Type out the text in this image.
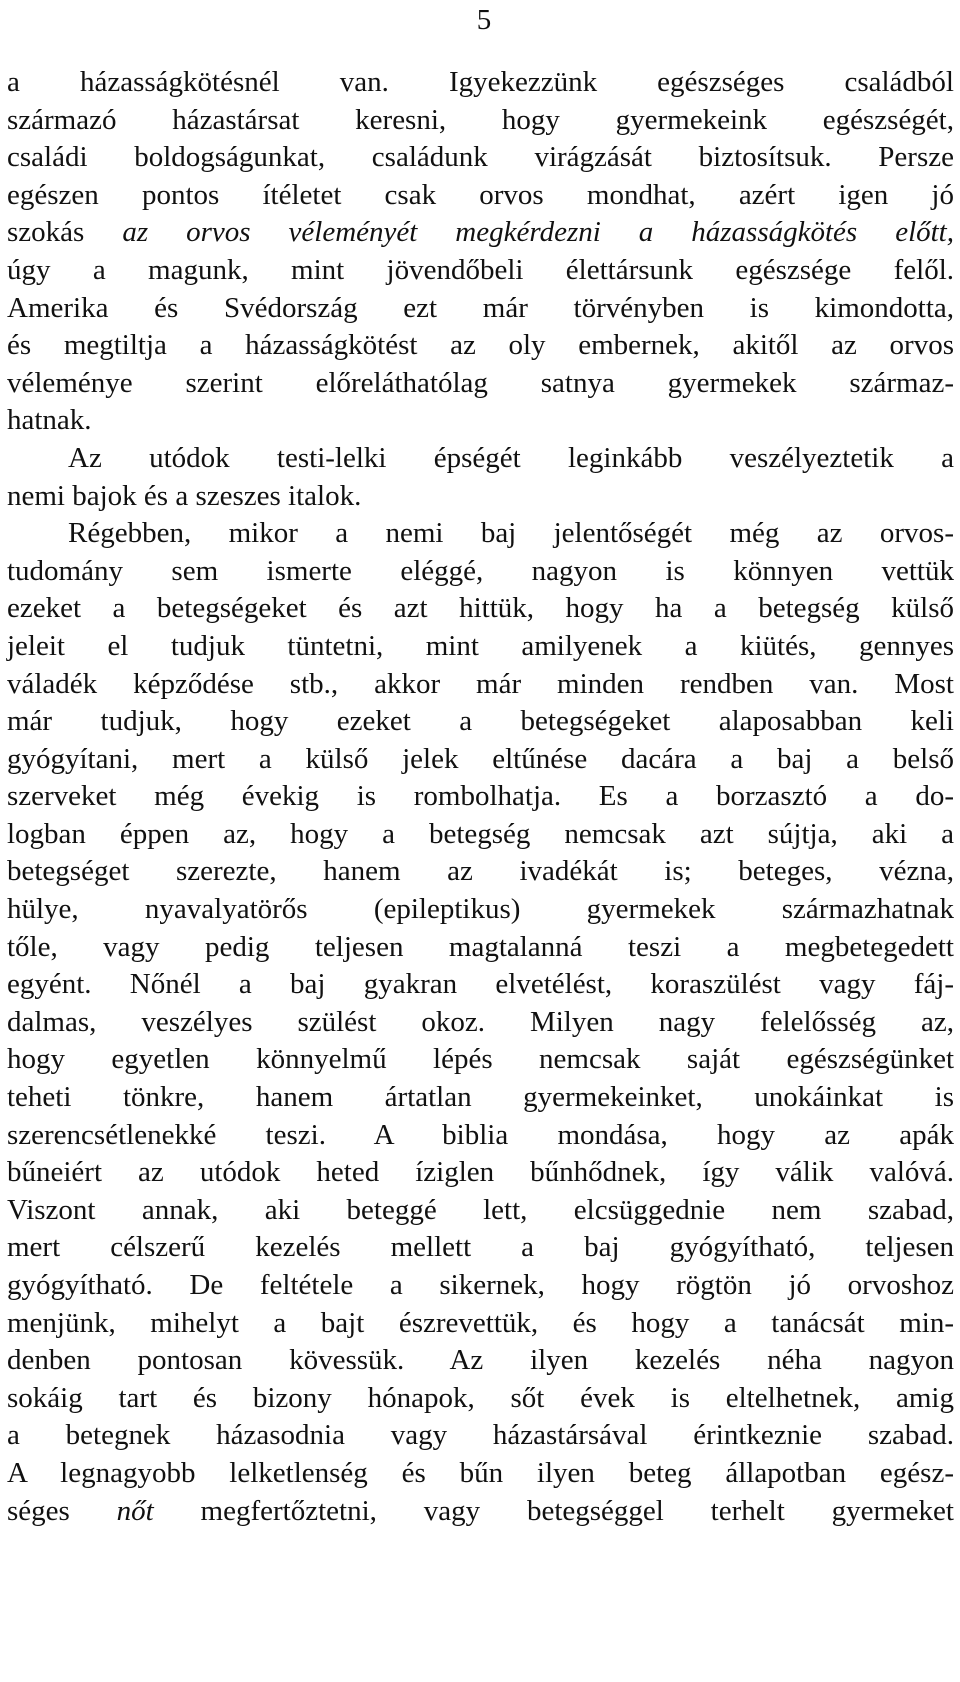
5
a házasságkötésnél van. Igyekezzünk egészséges családból
származó házastársat keresni, hogy gyermekeink egészségét,
családi boldogságunkat, családunk virágzását biztosítsuk. Persze
egészen pontos ítéletet csak orvos mondhat, azért igen jó
szokás az orvos véleményét megkérdezni a házasságkötés előtt,
úgy a magunk, mint jövendőbeli élettársunk egészsége felől.
Amerika és Svédország ezt már törvényben is kimondotta,
és megtiltja a házasságkötést az oly embernek, akitől az orvos
véleménye szerint előreláthatólag satnya gyermekek származ-
hatnak.
Az utódok testi-lelki épségét leginkább veszélyeztetik a
nemi bajok és a szeszes italok.
Régebben, mikor a nemi baj jelentőségét még az orvos-
tudomány sem ismerte eléggé, nagyon is könnyen vettük
ezeket a betegségeket és azt hittük, hogy ha a betegség külső
jeleit el tudjuk tüntetni, mint amilyenek a kiütés, gennyes
váladék képződése stb., akkor már minden rendben van. Most
már tudjuk, hogy ezeket a betegségeket alaposabban keli
gyógyítani, mert a külső jelek eltűnése dacára a baj a belső
szerveket még évekig is rombolhatja. Es a borzasztó a do-
logban éppen az, hogy a betegség nemcsak azt sújtja, aki a
betegséget szerezte, hanem az ivadékát is; beteges, vézna,
hülye, nyavalyatörős (epileptikus) gyermekek származhatnak
tőle, vagy pedig teljesen magtalanná teszi a megbetegedett
egyént. Nőnél a baj gyakran elvetélést, koraszülést vagy fáj-
dalmas, veszélyes szülést okoz. Milyen nagy felelősség az,
hogy egyetlen könnyelmű lépés nemcsak saját egészségünket
teheti tönkre, hanem ártatlan gyermekeinket, unokáinkat is
szerencsétlenekké teszi. A biblia mondása, hogy az apák
bűneiért az utódok heted íziglen bűnhődnek, így válik valóvá.
Viszont annak, aki beteggé lett, elcsüggednie nem szabad,
mert célszerű kezelés mellett a baj gyógyítható, teljesen
gyógyítható. De feltétele a sikernek, hogy rögtön jó orvoshoz
menjünk, mihelyt a bajt észrevettük, és hogy a tanácsát min-
denben pontosan kövessük. Az ilyen kezelés néha nagyon
sokáig tart és bizony hónapok, sőt évek is eltelhetnek, amig
a betegnek házasodnia vagy házastársával érintkeznie szabad.
A legnagyobb lelketlenség és bűn ilyen beteg állapotban egész-
séges nőt megfertőztetni, vagy betegséggel terhelt gyermeket
